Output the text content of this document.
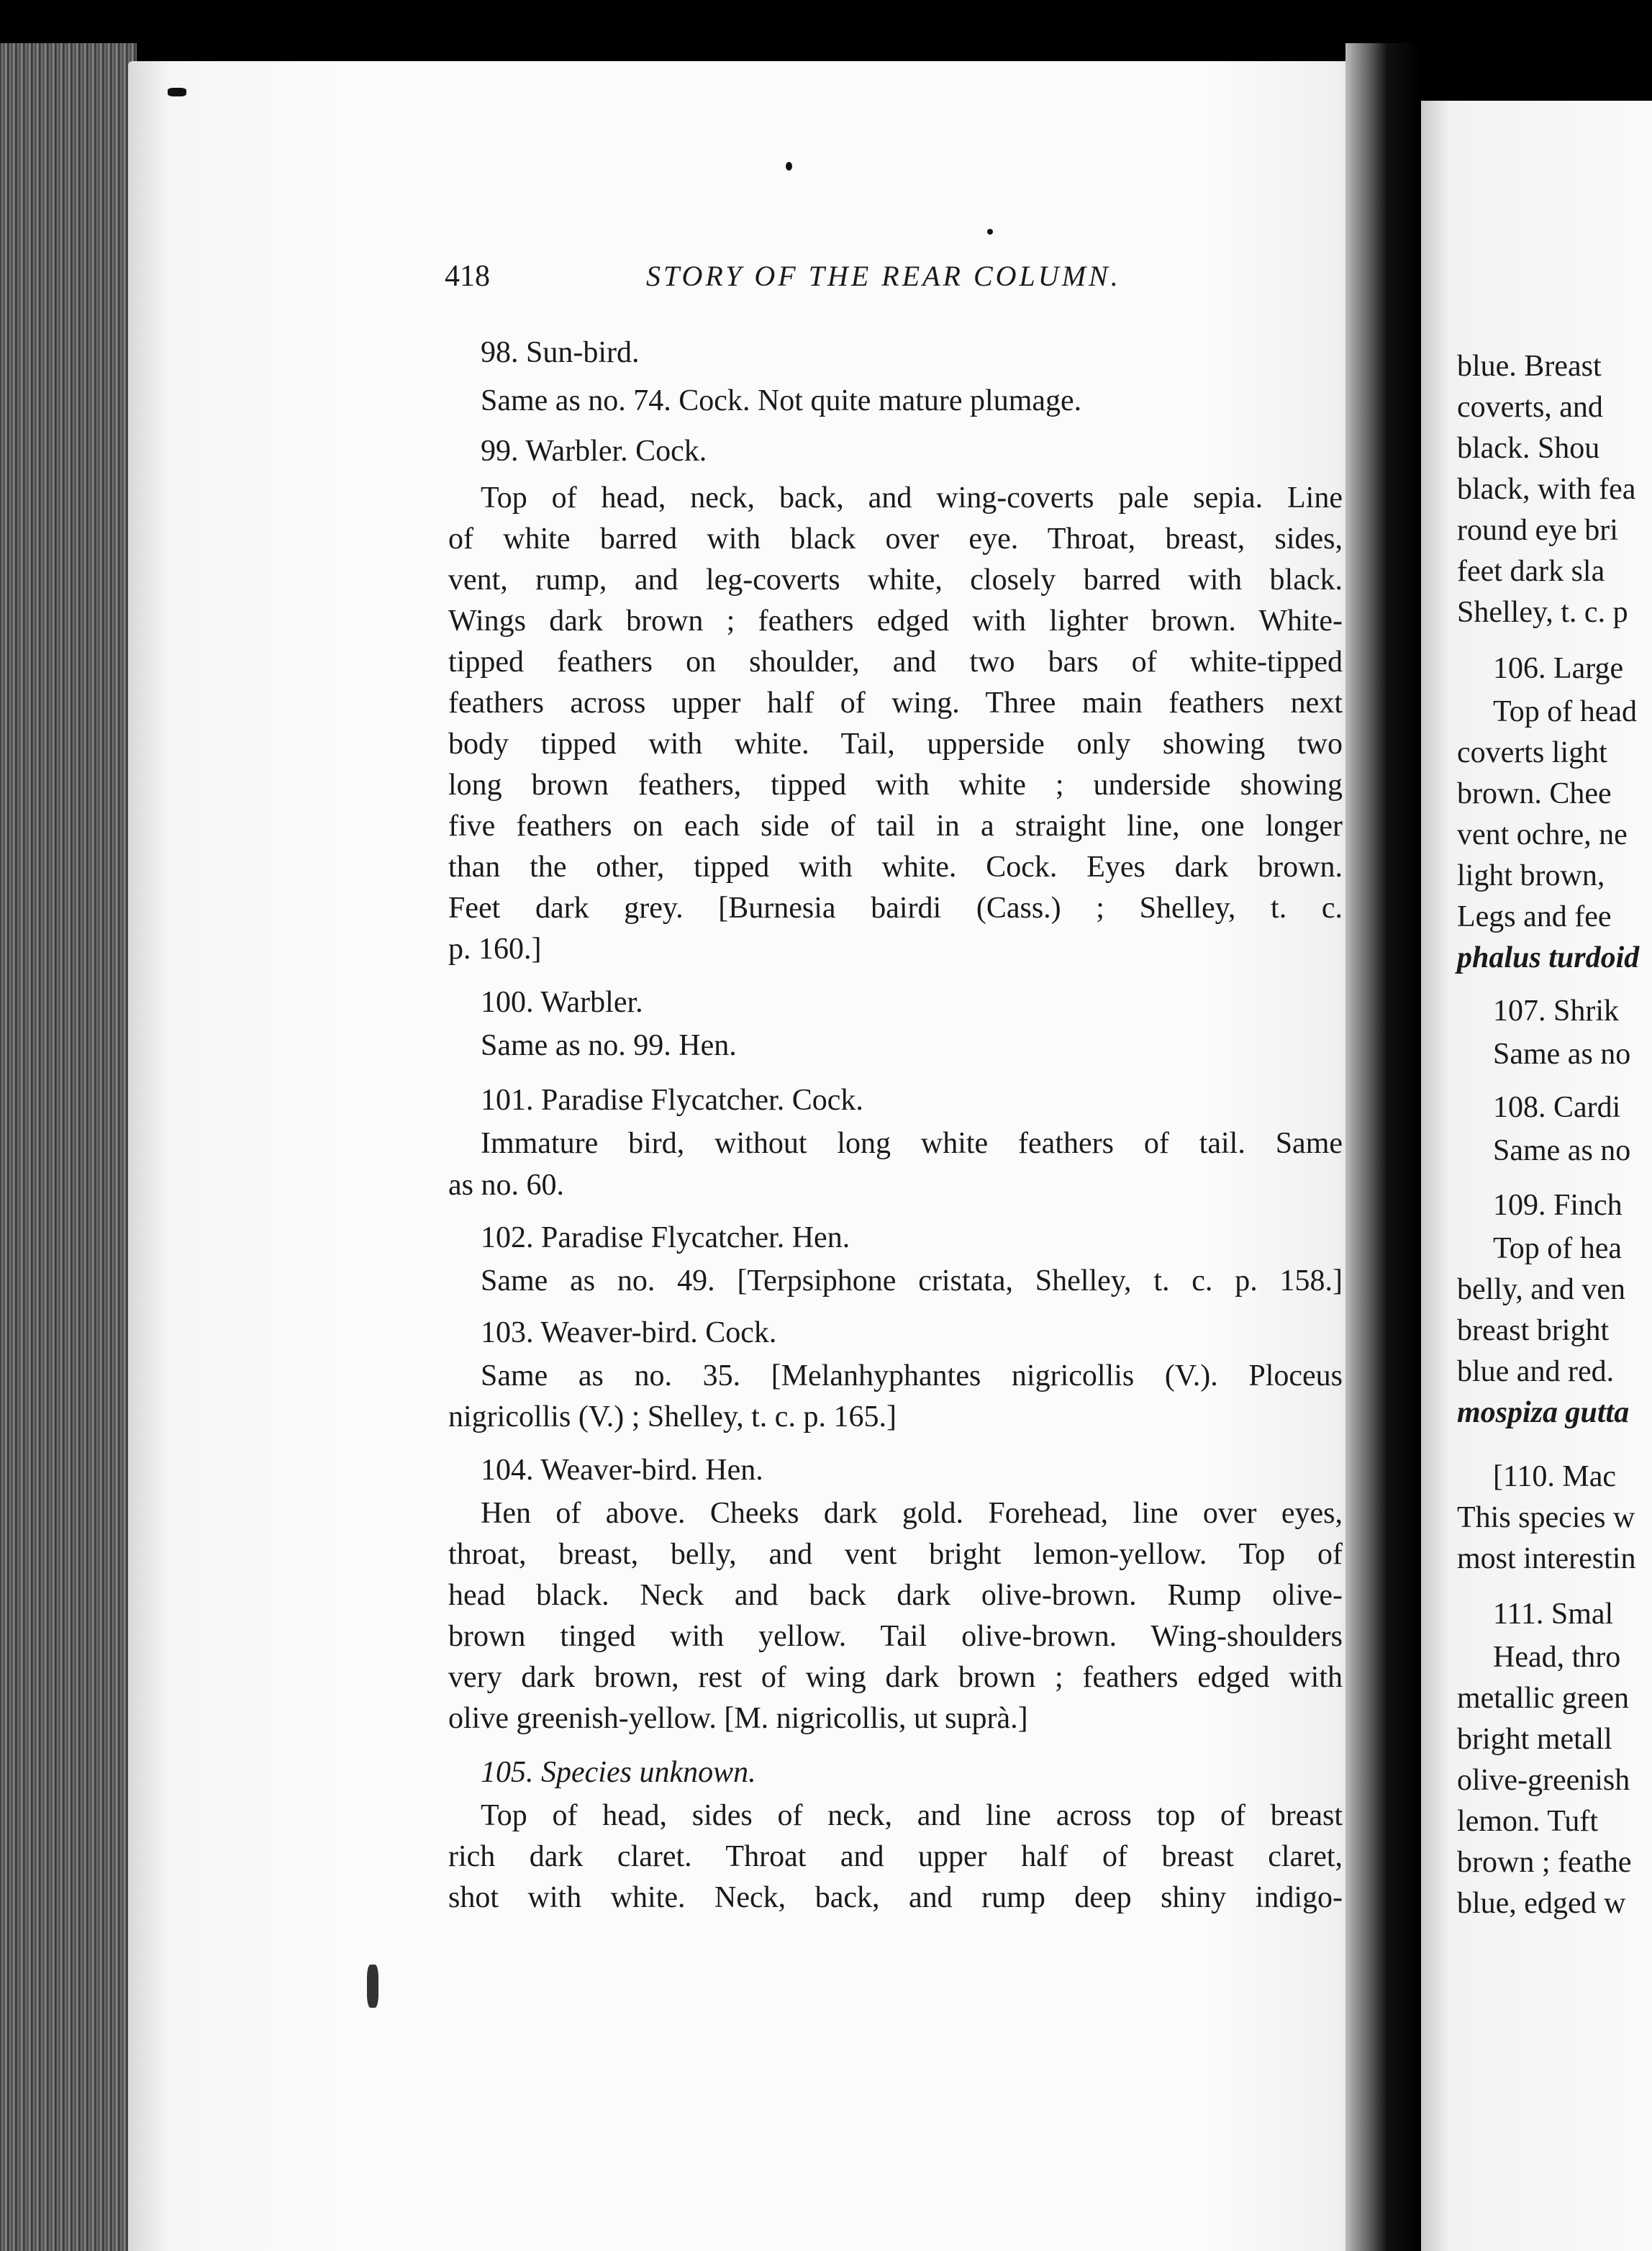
418	STORY OF THE REAR COLUMN.
98. Sun-bird.
Same as no. 74. Cock. Not quite mature plumage.
99. Warbler. Cock.
Top of head, neck, back, and wing-coverts pale sepia. Line
of white barred with black over eye. Throat, breast, sides,
vent, rump, and leg-coverts white, closely barred with black.
Wings dark brown ; feathers edged with lighter brown. White-
tipped feathers on shoulder, and two bars of white-tipped
feathers across upper half of wing. Three main feathers next
body tipped with white. Tail, upperside only showing two
long brown feathers, tipped with white ; underside showing
five feathers on each side of tail in a straight line, one longer
than the other, tipped with white. Cock. Eyes dark brown.
Feet dark grey. [Burnesia bairdi (Cass.) ; Shelley, t. c.
p. 160.]
100. Warbler.
Same as no. 99. Hen.
101. Paradise Flycatcher. Cock.
Immature bird, without long white feathers of tail. Same
as no. 60.
102. Paradise Flycatcher. Hen.
Same as no. 49. [Terpsiphone cristata, Shelley, t. c. p. 158.]
103. Weaver-bird. Cock.
Same as no. 35. [Melanhyphantes nigricollis (V.). Ploceus
nigricollis (V.) ; Shelley, t. c. p. 165.]
104. Weaver-bird. Hen.
Hen of above. Cheeks dark gold. Forehead, line over eyes,
throat, breast, belly, and vent bright lemon-yellow. Top of
head black. Neck and back dark olive-brown. Rump olive-
brown tinged with yellow. Tail olive-brown. Wing-shoulders
very dark brown, rest of wing dark brown ; feathers edged with
olive greenish-yellow. [M. nigricollis, ut suprà.]
105. Species unknown.
Top of head, sides of neck, and line across top of breast
rich dark claret. Throat and upper half of breast claret,
shot with white. Neck, back, and rump deep shiny indigo-
blue. Breast
coverts, and
black. Shou
black, with fea
round eye bri
feet dark sla
Shelley, t. c. p
106. Large
Top of head
coverts light
brown. Chee
vent ochre, ne
light brown,
Legs and fee
phalus turdoid
107. Shrik
Same as no
108. Cardi
Same as no
109. Finch
Top of hea
belly, and ven
breast bright
blue and red.
mospiza gutta
[110. Mac
This species w
most interestin
111. Smal
Head, thro
metallic green
bright metall
olive-greenish
lemon. Tuft
brown ; feathe
blue, edged w
